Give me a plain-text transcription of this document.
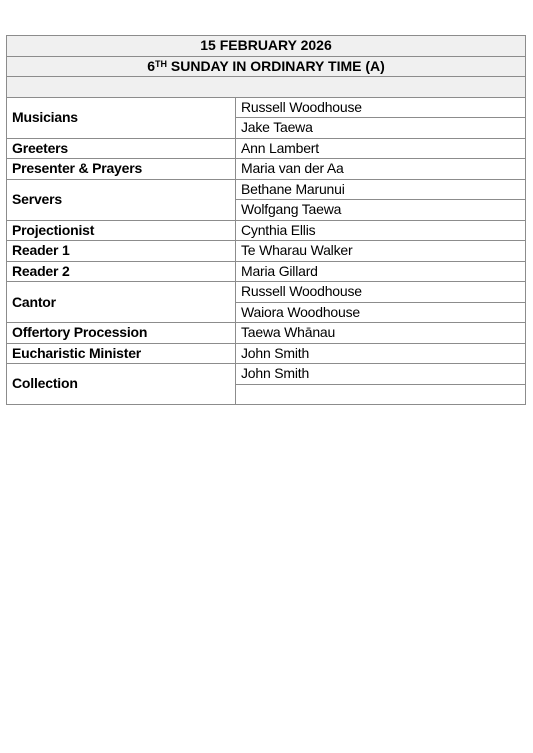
15 FEBRUARY 2026	
6TH SUNDAY IN ORDINARY TIME (A)	

Musicians	Russell Woodhouse
	Jake Taewa
Greeters	Ann Lambert
Presenter & Prayers	Maria van der Aa
Servers	Bethane Marunui
	Wolfgang Taewa
Projectionist	Cynthia Ellis
Reader 1	Te Wharau Walker
Reader 2	Maria Gillard
Cantor	Russell Woodhouse
	Waiora Woodhouse
Offertory Procession	Taewa Whānau
Eucharistic Minister	John Smith
Collection	John Smith
